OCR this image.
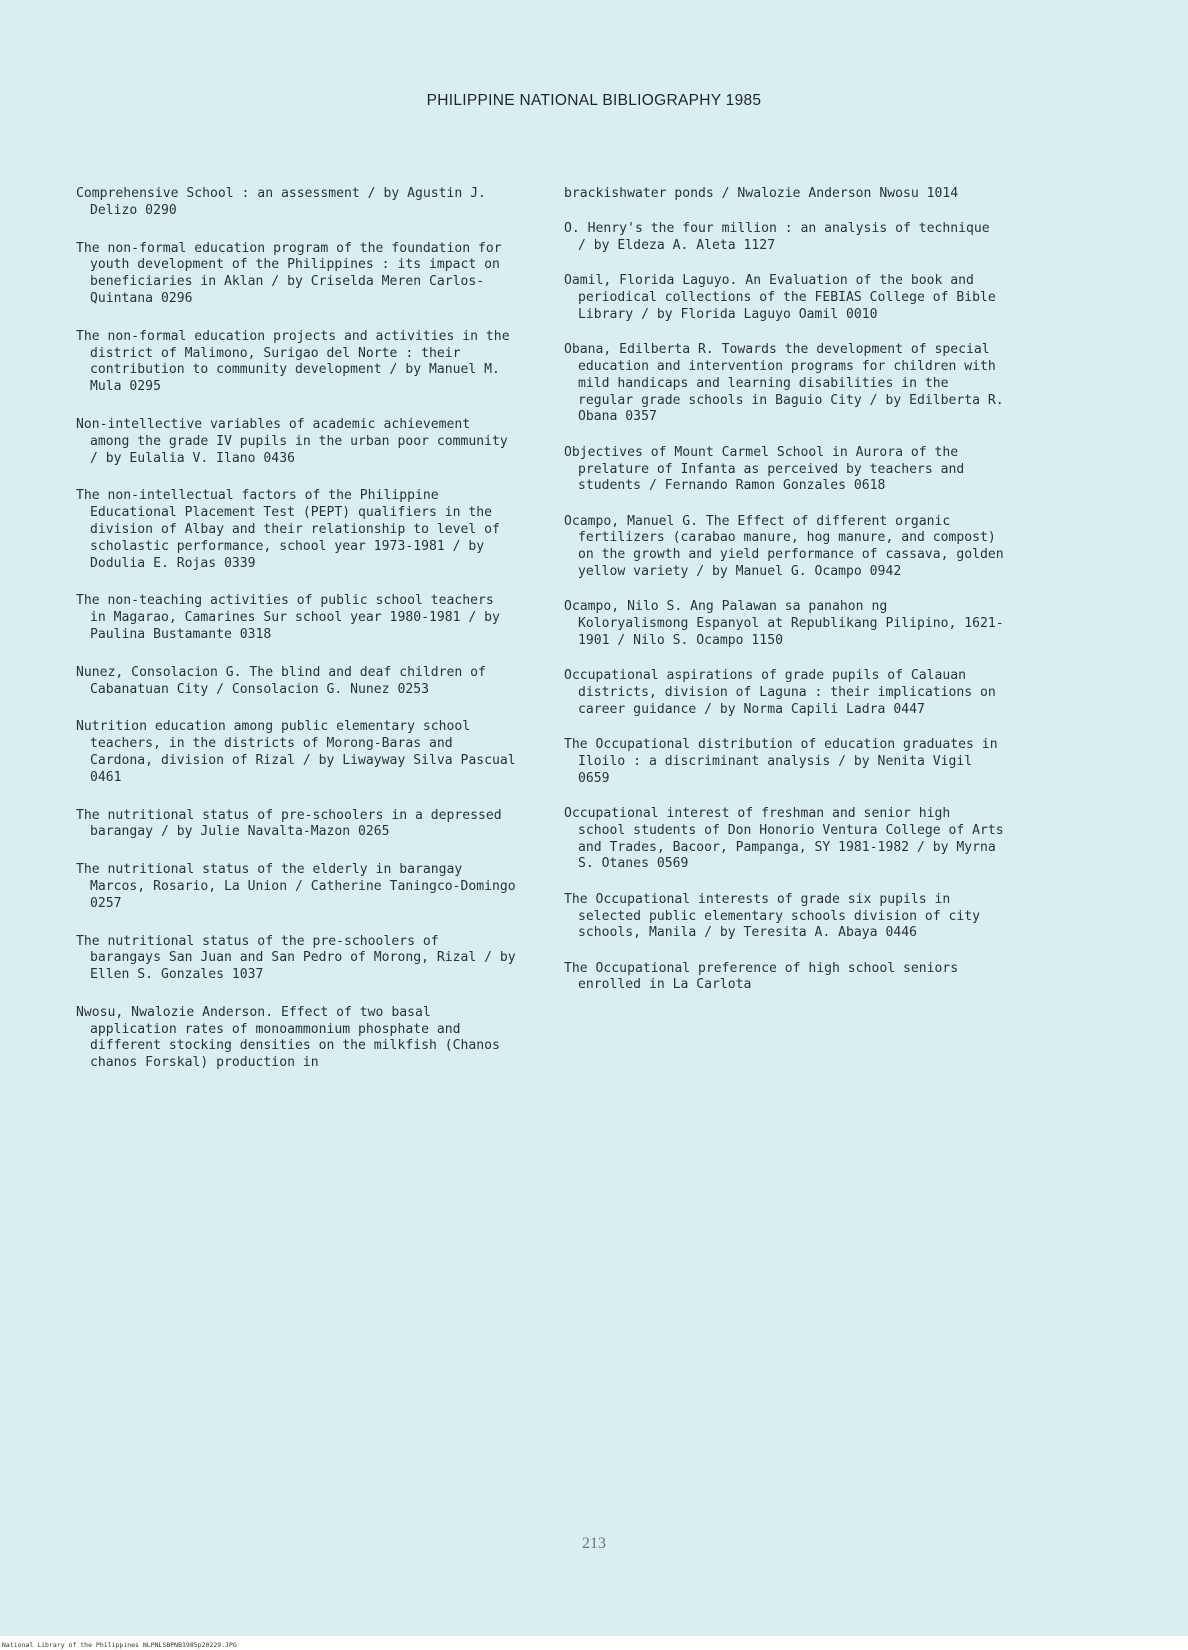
PHILIPPINE NATIONAL BIBLIOGRAPHY 1985

Comprehensive School : an assessment / by Agustin J. Delizo 0290

The non-formal education program of the foundation for youth development of the Philippines : its impact on beneficiaries in Aklan / by Criselda Meren Carlos-Quintana 0296

The non-formal education projects and activities in the district of Malimono, Surigao del Norte : their contribution to community development / by Manuel M. Mula 0295

Non-intellective variables of academic achievement among the grade IV pupils in the urban poor community / by Eulalia V. Ilano 0436

The non-intellectual factors of the Philippine Educational Placement Test (PEPT) qualifiers in the division of Albay and their relationship to level of scholastic performance, school year 1973-1981 / by Dodulia E. Rojas 0339

The non-teaching activities of public school teachers in Magarao, Camarines Sur school year 1980-1981 / by Paulina Bustamante 0318

Nunez, Consolacion G. The blind and deaf children of Cabanatuan City / Consolacion G. Nunez 0253

Nutrition education among public elementary school teachers, in the districts of Morong-Baras and Cardona, division of Rizal / by Liwayway Silva Pascual 0461

The nutritional status of pre-schoolers in a depressed barangay / by Julie Navalta-Mazon 0265

The nutritional status of the elderly in barangay Marcos, Rosario, La Union / Catherine Taningco-Domingo 0257

The nutritional status of the pre-schoolers of barangays San Juan and San Pedro of Morong, Rizal / by Ellen S. Gonzales 1037

Nwosu, Nwalozie Anderson. Effect of two basal application rates of monoammonium phosphate and different stocking densities on the milkfish (Chanos chanos Forskal) production in

brackishwater ponds / Nwalozie Anderson Nwosu 1014

O. Henry's the four million : an analysis of technique / by Eldeza A. Aleta 1127

Oamil, Florida Laguyo. An Evaluation of the book and periodical collections of the FEBIAS College of Bible Library / by Florida Laguyo Oamil 0010

Obana, Edilberta R. Towards the development of special education and intervention programs for children with mild handicaps and learning disabilities in the regular grade schools in Baguio City / by Edilberta R. Obana 0357

Objectives of Mount Carmel School in Aurora of the prelature of Infanta as perceived by teachers and students / Fernando Ramon Gonzales 0618

Ocampo, Manuel G. The Effect of different organic fertilizers (carabao manure, hog manure, and compost) on the growth and yield performance of cassava, golden yellow variety / by Manuel G. Ocampo 0942

Ocampo, Nilo S. Ang Palawan sa panahon ng Koloryalismong Espanyol at Republikang Pilipino, 1621-1901 / Nilo S. Ocampo 1150

Occupational aspirations of grade pupils of Calauan districts, division of Laguna : their implications on career guidance / by Norma Capili Ladra 0447

The Occupational distribution of education graduates in Iloilo : a discriminant analysis / by Nenita Vigil 0659

Occupational interest of freshman and senior high school students of Don Honorio Ventura College of Arts and Trades, Bacoor, Pampanga, SY 1981-1982 / by Myrna S. Otanes 0569

The Occupational interests of grade six pupils in selected public elementary schools division of city schools, Manila / by Teresita A. Abaya 0446

The Occupational preference of high school seniors enrolled in La Carlota

213
National Library of the Philippines NLPNLSBPNB1985p20229.JPG
